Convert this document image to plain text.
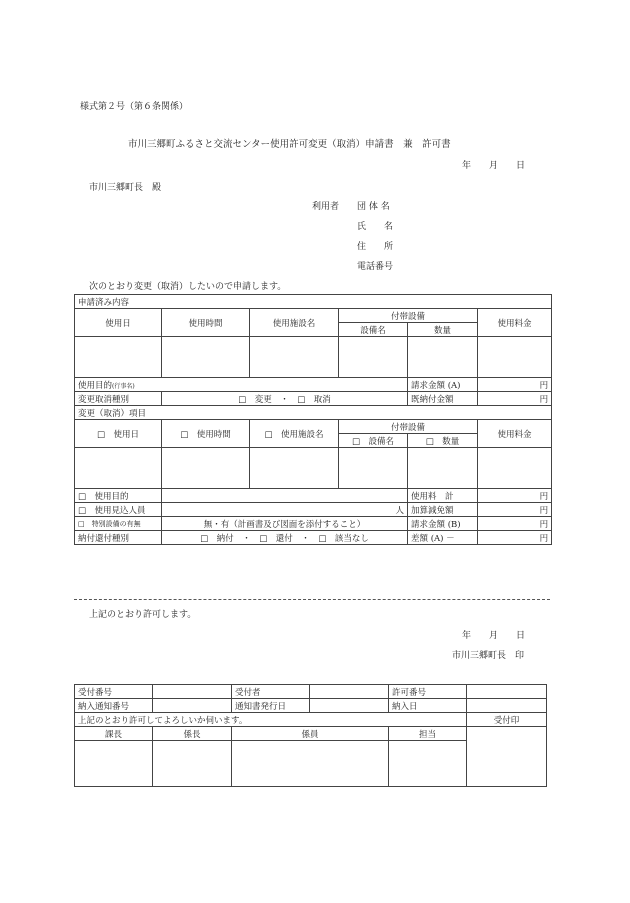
様式第２号（第６条関係）
市川三郷町ふるさと交流センター使用許可変更（取消）申請書　兼　許可書
年　　月　　日
市川三郷町長　殿
利用者 団 体 名
氏　　名
住　　所
電話番号
次のとおり変更（取消）したいので申請します。
申請済み内容					
使用日	使用時間	使用施設名	付帯設備		使用料金
			設備名	数量	

使用目的(行事名)				請求金額 (A)	円
変更取消種別	□　変更　 ・　 □　取消			既納付金額	円
変更（取消）項目					
□　使用日	□　使用時間	□　使用施設名	付帯設備		使用料金
			□　設備名	□　数量	

□　使用目的				使用料　計	円
□　使用見込人員	人			加算減免額	円
□　特別設備の有無	無・有（計画書及び図面を添付すること）			請求金額 (B)	円
納付還付種別	□　納付　 ・　 □　還付　 ・　 □　該当なし			差額 (A) －	円
上記のとおり許可します。
年　　月　　日
市川三郷町長　印
受付番号		受付者		許可番号	
納入通知番号		通知書発行日		納入日	
上記のとおり許可してよろしいか伺います。					受付印
課長	係長	係員		担当	
